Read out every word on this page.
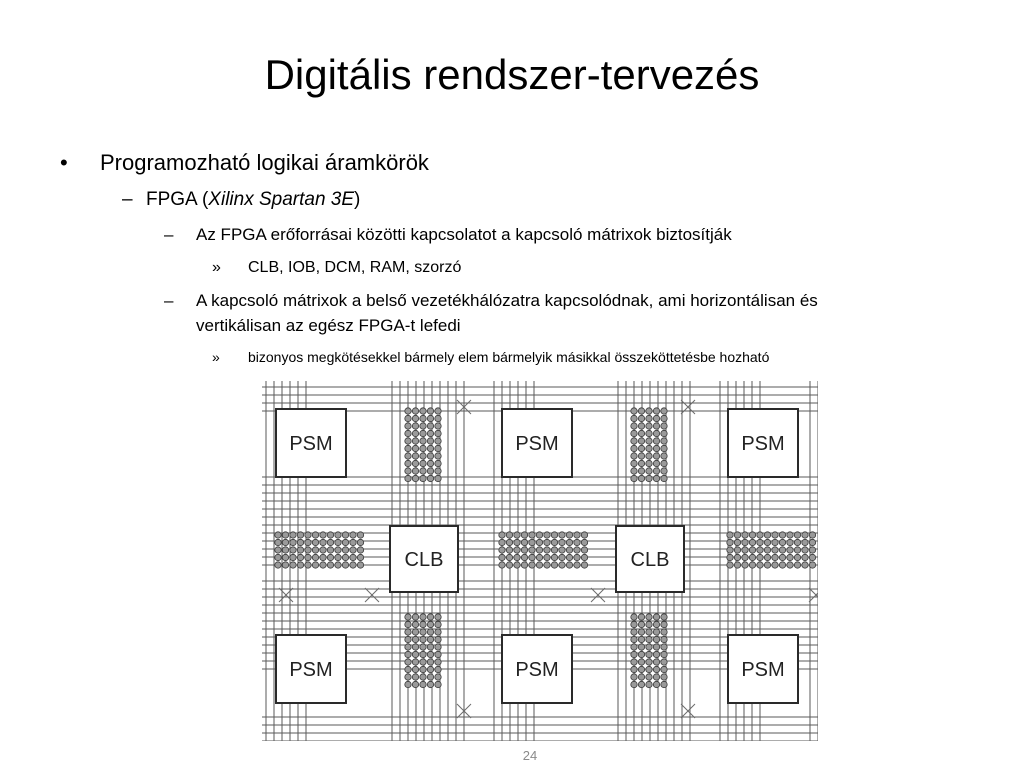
Digitális rendszer-tervezés
• Programozható logikai áramkörök
– FPGA (Xilinx Spartan 3E)
– Az FPGA erőforrásai közötti kapcsolatot a kapcsoló mátrixok biztosítják
» CLB, IOB, DCM, RAM, szorzó
– A kapcsoló mátrixok a belső vezetékhálózatra kapcsolódnak, ami horizontálisan és
vertikálisan az egész FPGA-t lefedi
» bizonyos megkötésekkel bármely elem bármelyik másikkal összeköttetésbe hozható
PSM	PSM	PSM
PSM	PSM	PSM
CLB	CLB
24
